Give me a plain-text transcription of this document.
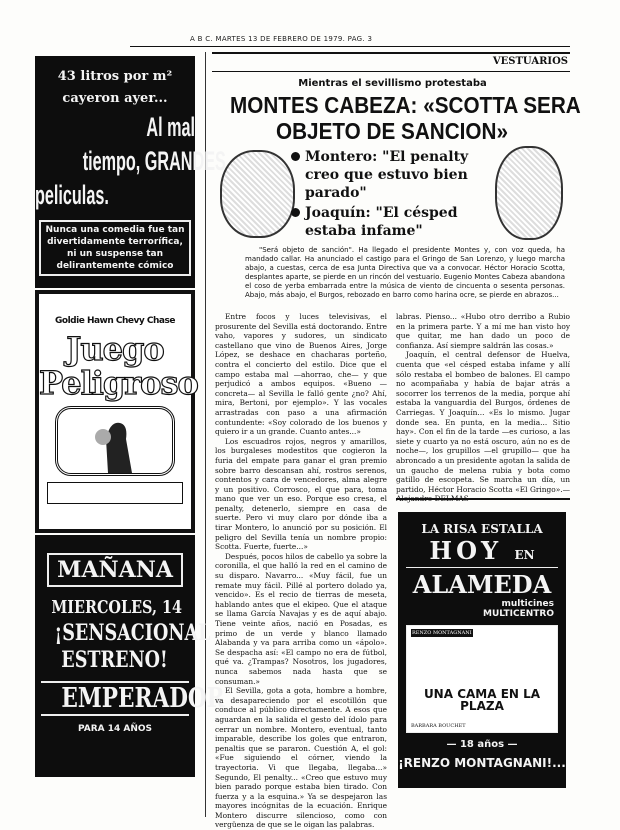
A B C. MARTES 13 DE FEBRERO DE 1979. PAG. 3
43 litros por m²
cayeron ayer...
Al mal
tiempo, GRANDES
peliculas.
Nunca una comedia fue tan divertidamente terrorífica, ni un suspense tan delirantemente cómico
Goldie Hawn Chevy Chase
Juego
Peligroso
MAÑANA
MIERCOLES, 14
¡SENSACIONAL
ESTRENO!
EMPERADOR
PARA 14 AÑOS
VESTUARIOS
Mientras el sevillismo protestaba
MONTES CABEZA: «SCOTTA SERA
OBJETO DE SANCION»
Montero: "El penalty creo que estuvo bien parado"
Joaquín: "El césped estaba infame"
"Será objeto de sanción". Ha llegado el presidente Montes y, con voz queda, ha mandado callar. Ha anunciado el castigo para el Gringo de San Lorenzo, y luego marcha abajo, a cuestas, cerca de esa Junta Directiva que va a convocar. Héctor Horacio Scotta, desplantes aparte, se pierde en un rincón del vestuario. Eugenio Montes Cabeza abandona el coso de yerba embarrada entre la música de viento de cincuenta o sesenta personas. Abajo, más abajo, el Burgos, rebozado en barro como harina ocre, se pierde en abrazos...

Entre focos y luces televisivas, el prosurente del Sevilla está doctorando. Entre vaho, vapores y sudores, un sindicato castellano que vino de Buenos Aires, Jorge López, se deshace en chacharas porteño, contra el concierto del estilo. Dice que el campo estaba mal —ahorrao, che— y que perjudicó a ambos equipos. «Bueno —concreta— al Sevilla le falló gente ¿no? Ahí, mira, Bertoni, por ejemplo». Y las vocales arrastradas con paso a una afirmación contundente: «Soy colorado de los buenos y quiero ir a un grande. Cuanto antes...»

Los escuadros rojos, negros y amarillos, los burgaleses modestitos que cogieron la furia del empate para ganar el gran premio sobre barro descansan ahí, rostros serenos, contentos y cara de vencedores, alma alegre y un positivo. Corrosco, el que para, toma mano que ver un eso. Porque eso cresa, el penalty, detenerlo, siempre en casa de suerte. Pero vi muy claro por dónde iba a tirar Montero, lo anunció por su posición. El peligro del Sevilla tenía un nombre propio: Scotta. Fuerte, fuerte...»

Después, pocos hilos de cabello ya sobre la coronilla, el que halló la red en el camino de su disparo. Navarro... «Muy fácil, fue un remate muy fácil. Pillé al portero dolado ya, vencido». Es el recio de tierras de meseta, hablando antes que el ekipeo. Que el ataque se llama García Navajas y es de aquí abajo. Tiene veinte años, nació en Posadas, es primo de un verde y blanco llamado Alabanda y va para arriba como un «ápolo». Se despacha así: «El campo no era de fútbol, qué va. ¿Trampas? Nosotros, los jugadores, nunca sabemos nada hasta que se consuman.»

El Sevilla, gota a gota, hombre a hombre, va desapareciendo por el escotillón que conduce al público directamente. A esos que aguardan en la salida el gesto del ídolo para cerrar un nombre. Montero, eventual, tanto imparable, describe los goles que entraron, penaltis que se pararon. Cuestión A, el gol: «Fue siguiendo el córner, viendo la trayectoria. Vi que llegaba, llegaba...» Segundo, El penalty... «Creo que estuvo muy bien parado porque estaba bien tirado. Con fuerza y a la esquina.» Ya se despejaron las mayores incógnitas de la ecuación. Enrique Montero discurre silencioso, como con vergüenza de que se le oigan las palabras.

labras. Pienso... «Hubo otro derribo a Rubio en la primera parte. Y a mí me han visto hoy que quitar, me han dado un poco de confianza. Así siempre saldrán las cosas.»

Joaquín, el central defensor de Huelva, cuenta que «el césped estaba infame y allí sólo restaba el bombeo de balones. El campo no acompañaba y había de bajar atrás a socorrer los terrenos de la media, porque ahí estaba la vanguardia del Burgos, órdenes de Carriegas. Y Joaquín... «Es lo mismo. Jugar donde sea. En punta, en la media... Sitio hay». Con el fin de la tarde —es curioso, a las siete y cuarto ya no está oscuro, aún no es de noche—, los grupillos —el grupillo— que ha abroncado a un presidente agotan la salida de un gaucho de melena rubia y bota como gatillo de escopeta. Se marcha un día, un partido, Héctor Horacio Scotta «El Gringo».—

LA RISA ESTALLA
HOY EN
ALAMEDA
multicines
MULTICENTRO
RENZO MONTAGNANI
UNA CAMA EN LA PLAZA
BARBARA BOUCHET
— 18 años —
¡RENZO MONTAGNANI!...
